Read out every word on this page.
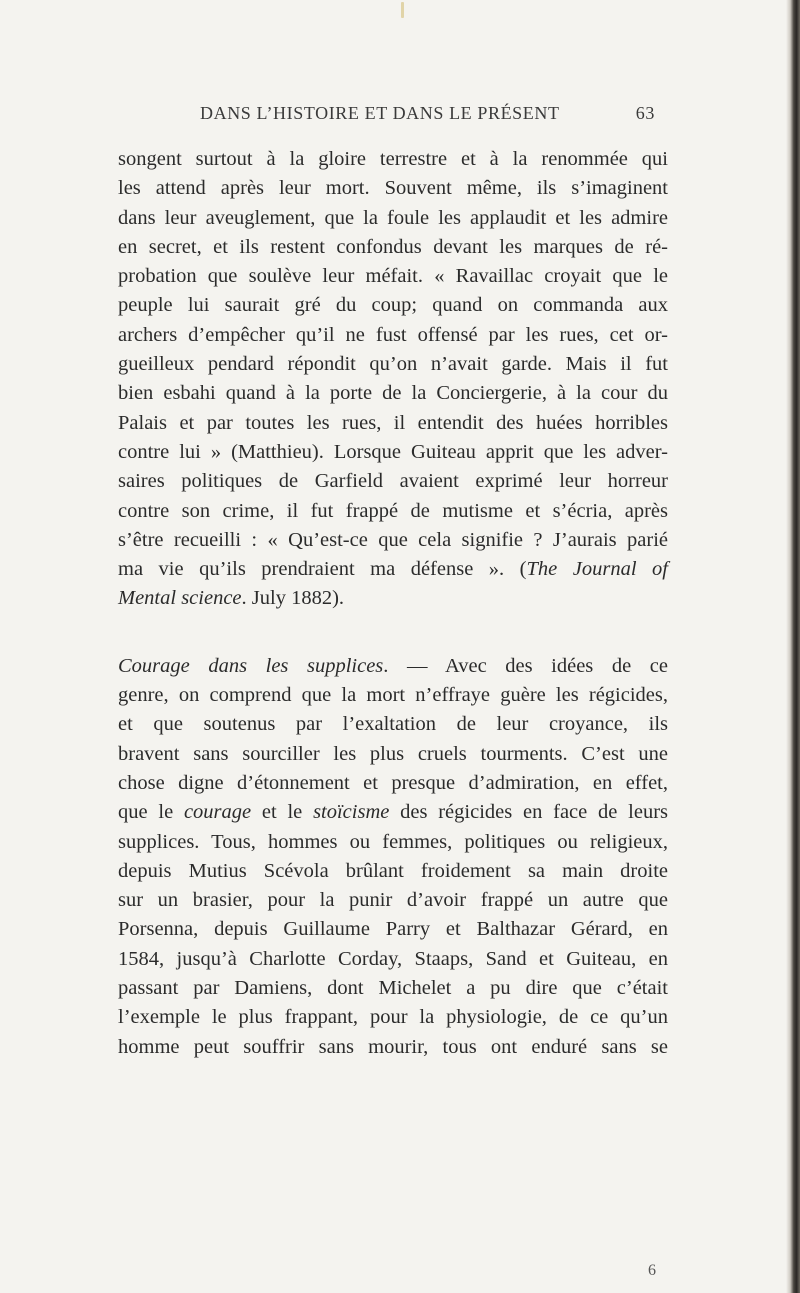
DANS L’HISTOIRE ET DANS LE PRÉSENT	63

songent surtout à la gloire terrestre et à la renommée qui
les attend après leur mort. Souvent même, ils s’imaginent
dans leur aveuglement, que la foule les applaudit et les admire
en secret, et ils restent confondus devant les marques de ré-
probation que soulève leur méfait. « Ravaillac croyait que le
peuple lui saurait gré du coup; quand on commanda aux
archers d’empêcher qu’il ne fust offensé par les rues, cet or-
gueilleux pendard répondit qu’on n’avait garde. Mais il fut
bien esbahi quand à la porte de la Conciergerie, à la cour du
Palais et par toutes les rues, il entendit des huées horribles
contre lui » (Matthieu). Lorsque Guiteau apprit que les adver-
saires politiques de Garfield avaient exprimé leur horreur
contre son crime, il fut frappé de mutisme et s’écria, après
s’être recueilli : « Qu’est-ce que cela signifie ? J’aurais parié
ma vie qu’ils prendraient ma défense ». (The Journal of
Mental science. July 1882).

Courage dans les supplices. — Avec des idées de ce
genre, on comprend que la mort n’effraye guère les régicides,
et que soutenus par l’exaltation de leur croyance, ils
bravent sans sourciller les plus cruels tourments. C’est une
chose digne d’étonnement et presque d’admiration, en effet,
que le courage et le stoïcisme des régicides en face de leurs
supplices. Tous, hommes ou femmes, politiques ou religieux,
depuis Mutius Scévola brûlant froidement sa main droite
sur un brasier, pour la punir d’avoir frappé un autre que
Porsenna, depuis Guillaume Parry et Balthazar Gérard, en
1584, jusqu’à Charlotte Corday, Staaps, Sand et Guiteau, en
passant par Damiens, dont Michelet a pu dire que c’était
l’exemple le plus frappant, pour la physiologie, de ce qu’un
homme peut souffrir sans mourir, tous ont enduré sans se

6
